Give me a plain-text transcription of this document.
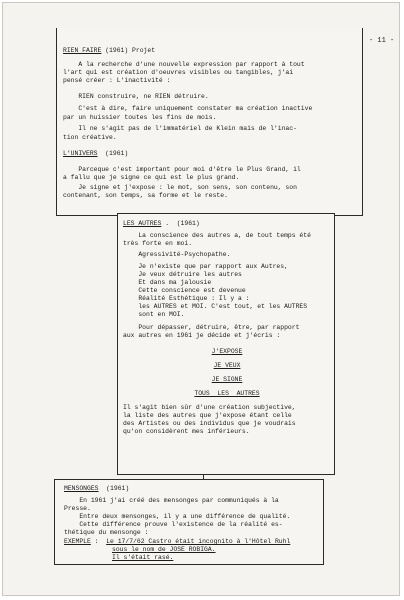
- 11 -
RIEN FAIRE (1961) Projet
A la recherche d'une nouvelle expression par rapport à tout
l'art qui est création d'oeuvres visibles ou tangibles, j'ai
pensé créer : L'inactivité :
RIEN construire, ne RIEN détruire.
C'est à dire, faire uniquement constater ma création inactive
par un huissier toutes les fins de mois.
Il ne s'agit pas de l'immatériel de Klein mais de l'inac-
tion créative.
L'UNIVERS  (1961)
Parceque c'est important pour moi d'être le Plus Grand, il
a fallu que je signe ce qui est le plus grand.
Je signe et j'expose : le mot, son sens, son contenu, son
contenant, son temps, sa forme et le reste.
LES AUTRES .  (1961)
La conscience des autres a, de tout temps été
très forte en moi.
Agressivité-Psychopathe.
Je n'existe que par rapport aux Autres,
Je veux détruire les autres
Et dans ma jalousie
Cette conscience est devenue
Réalité Esthétique : Il y a :
les AUTRES et MOI. C'est tout, et les AUTRES
sont en MOI.
Pour dépasser, détruire, être, par rapport
aux autres en 1961 je décide et j'écris :
J'EXPOSE
JE VEUX
JE SIGNE
TOUS  LES  AUTRES
Il s'agit bien sûr d'une création subjective,
la liste des autres que j'expose étant celle
des Artistes ou des individus que je voudrais
qu'on considèrent mes inférieurs.
MENSONGES  (1961)
En 1961 j'ai créé des mensonges par communiqués à la
Presse.
Entre deux mensonges, il y a une différence de qualité.
Cette différence prouve l'existence de la réalité es-
thétique du mensonge :
EXEMPLE :  Le 17/7/62 Castro était incognito à l'Hôtel Ruhl
sous le nom de JOSE ROBIGA.
Il s'était rasé.
